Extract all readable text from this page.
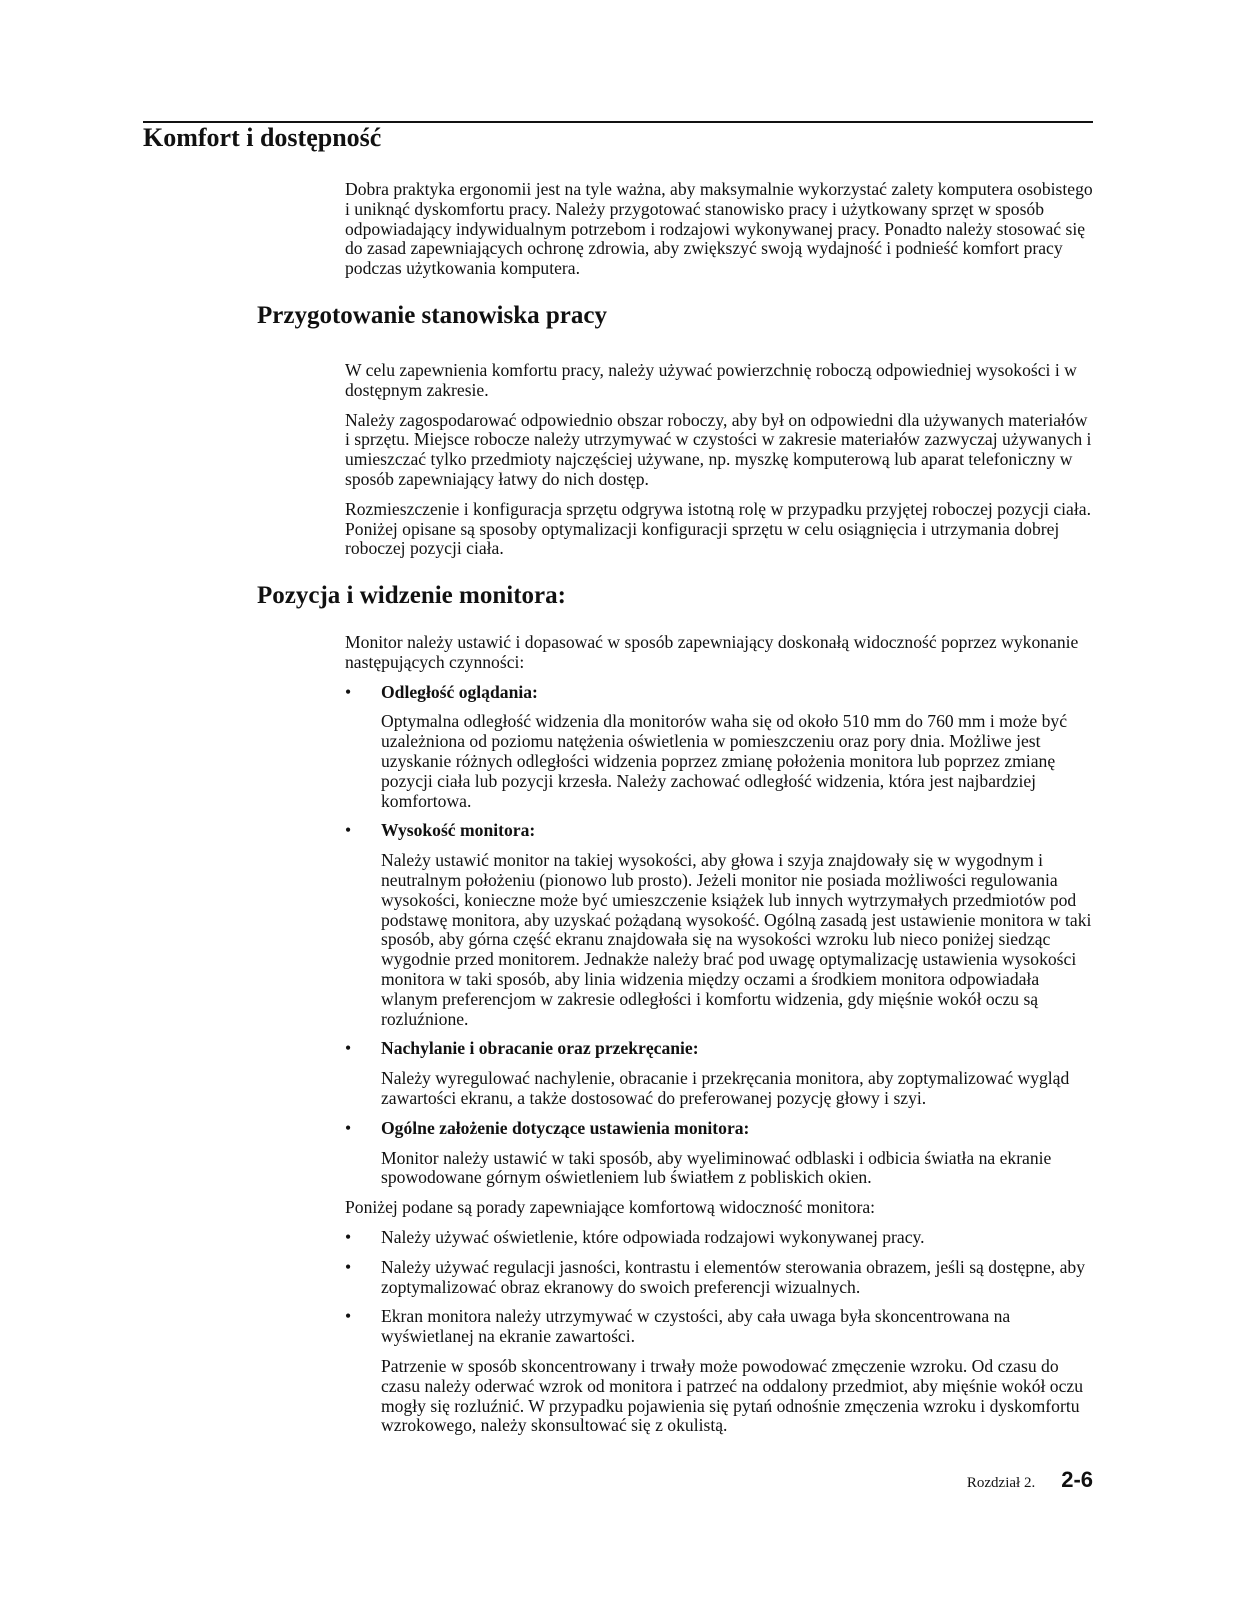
Komfort i dostępność

Dobra praktyka ergonomii jest na tyle ważna, aby maksymalnie wykorzystać zalety komputera osobistego i uniknąć dyskomfortu pracy. Należy przygotować stanowisko pracy i użytkowany sprzęt w sposób odpowiadający indywidualnym potrzebom i rodzajowi wykonywanej pracy. Ponadto należy stosować się do zasad zapewniających ochronę zdrowia, aby zwiększyć swoją wydajność i podnieść komfort pracy podczas użytkowania komputera.

Przygotowanie stanowiska pracy

W celu zapewnienia komfortu pracy, należy używać powierzchnię roboczą odpowiedniej wysokości i w dostępnym zakresie.

Należy zagospodarować odpowiednio obszar roboczy, aby był on odpowiedni dla używanych materiałów i sprzętu. Miejsce robocze należy utrzymywać w czystości w zakresie materiałów zazwyczaj używanych i umieszczać tylko przedmioty najczęściej używane, np. myszkę komputerową lub aparat telefoniczny w sposób zapewniający łatwy do nich dostęp.

Rozmieszczenie i konfiguracja sprzętu odgrywa istotną rolę w przypadku przyjętej roboczej pozycji ciała. Poniżej opisane są sposoby optymalizacji konfiguracji sprzętu w celu osiągnięcia i utrzymania dobrej roboczej pozycji ciała.

Pozycja i widzenie monitora:

Monitor należy ustawić i dopasować w sposób zapewniający doskonałą widoczność poprzez wykonanie następujących czynności:

•	Odległość oglądania:

Optymalna odległość widzenia dla monitorów waha się od około 510 mm do 760 mm i może być uzależniona od poziomu natężenia oświetlenia w pomieszczeniu oraz pory dnia. Możliwe jest uzyskanie różnych odległości widzenia poprzez zmianę położenia monitora lub poprzez zmianę pozycji ciała lub pozycji krzesła. Należy zachować odległość widzenia, która jest najbardziej komfortowa.

•	Wysokość monitora:

Należy ustawić monitor na takiej wysokości, aby głowa i szyja znajdowały się w wygodnym i neutralnym położeniu (pionowo lub prosto). Jeżeli monitor nie posiada możliwości regulowania wysokości, konieczne może być umieszczenie książek lub innych wytrzymałych przedmiotów pod podstawę monitora, aby uzyskać pożądaną wysokość. Ogólną zasadą jest ustawienie monitora w taki sposób, aby górna część ekranu znajdowała się na wysokości wzroku lub nieco poniżej siedząc wygodnie przed monitorem. Jednakże należy brać pod uwagę optymalizację ustawienia wysokości monitora w taki sposób, aby linia widzenia między oczami a środkiem monitora odpowiadała wlanym preferencjom w zakresie odległości i komfortu widzenia, gdy mięśnie wokół oczu są rozluźnione.

•	Nachylanie i obracanie oraz przekręcanie:

Należy wyregulować nachylenie, obracanie i przekręcania monitora, aby zoptymalizować wygląd zawartości ekranu, a także dostosować do preferowanej pozycję głowy i szyi.

•	Ogólne założenie dotyczące ustawienia monitora:

Monitor należy ustawić w taki sposób, aby wyeliminować odblaski i odbicia światła na ekranie spowodowane górnym oświetleniem lub światłem z pobliskich okien.

Poniżej podane są porady zapewniające komfortową widoczność monitora:

•	Należy używać oświetlenie, które odpowiada rodzajowi wykonywanej pracy.

•	Należy używać regulacji jasności, kontrastu i elementów sterowania obrazem, jeśli są dostępne, aby zoptymalizować obraz ekranowy do swoich preferencji wizualnych.

•	Ekran monitora należy utrzymywać w czystości, aby cała uwaga była skoncentrowana na wyświetlanej na ekranie zawartości.

Patrzenie w sposób skoncentrowany i trwały może powodować zmęczenie wzroku. Od czasu do czasu należy oderwać wzrok od monitora i patrzeć na oddalony przedmiot, aby mięśnie wokół oczu mogły się rozluźnić. W przypadku pojawienia się pytań odnośnie zmęczenia wzroku i dyskomfortu wzrokowego, należy skonsultować się z okulistą.

Rozdział 2. 2-6
